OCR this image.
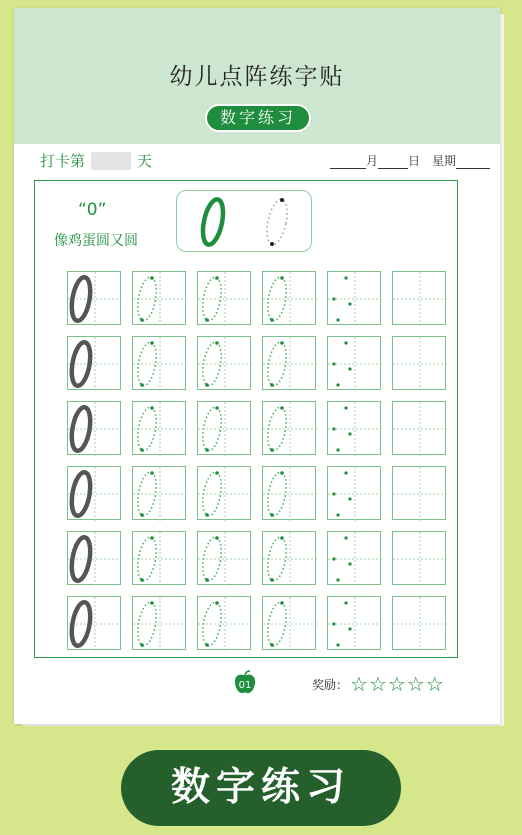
幼儿点阵练字贴
数字练习
打卡第	天	月	日 星期
“0”
像鸡蛋圆又圆
01	奖励： ☆☆☆☆☆
数字练习
